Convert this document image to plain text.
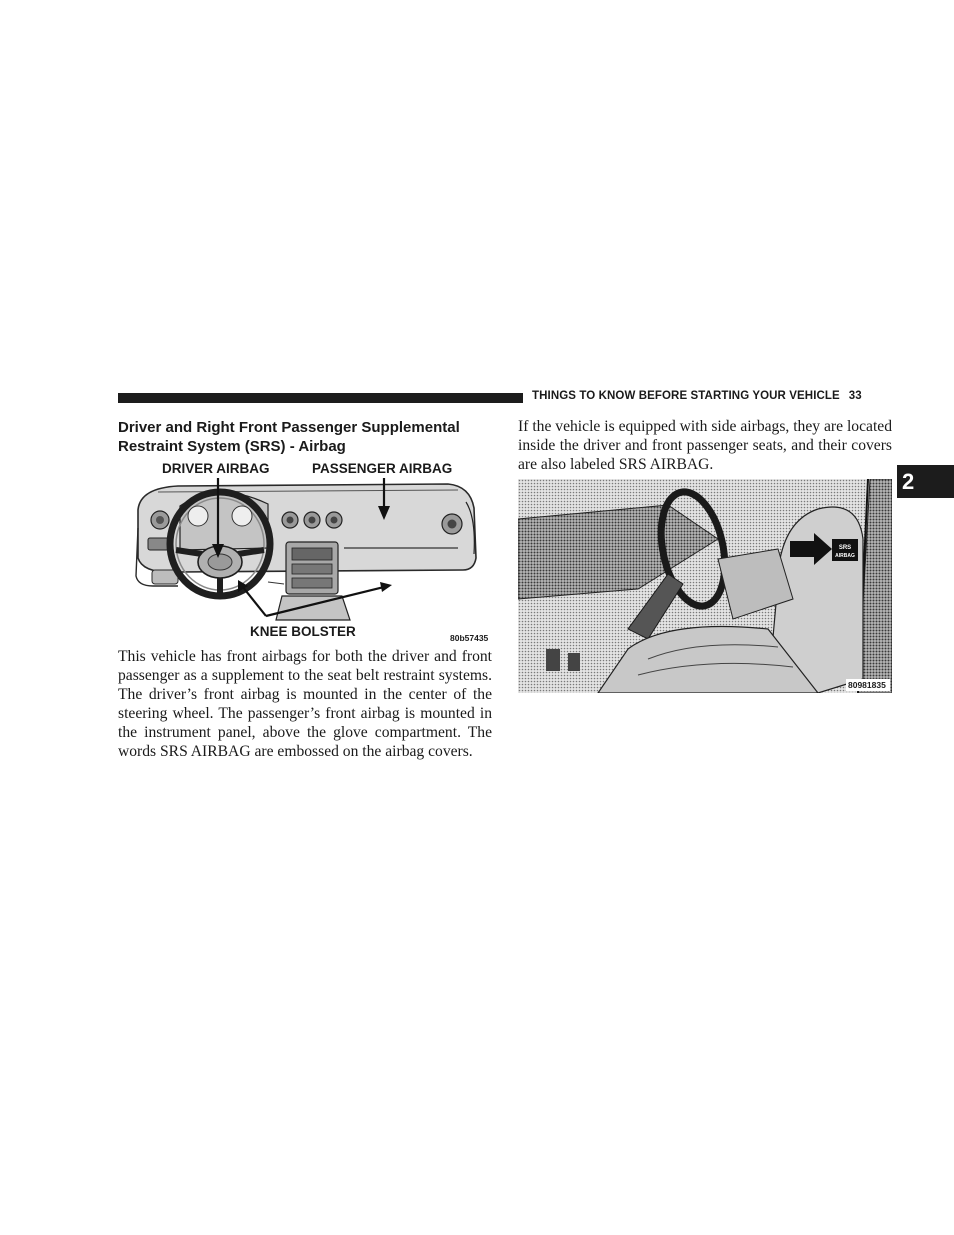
THINGS TO KNOW BEFORE STARTING YOUR VEHICLE 33
2
Driver and Right Front Passenger Supplemental Restraint System (SRS) - Airbag
DRIVER AIRBAG	PASSENGER AIRBAG
KNEE BOLSTER	80b57435

This vehicle has front airbags for both the driver and front passenger as a supplement to the seat belt restraint systems. The driver’s front airbag is mounted in the center of the steering wheel. The passenger’s front airbag is mounted in the instrument panel, above the glove compartment. The words SRS AIRBAG are embossed on the airbag covers.

If the vehicle is equipped with side airbags, they are located inside the driver and front passenger seats, and their covers are also labeled SRS AIRBAG.

SRS
AIRBAG
80981835
